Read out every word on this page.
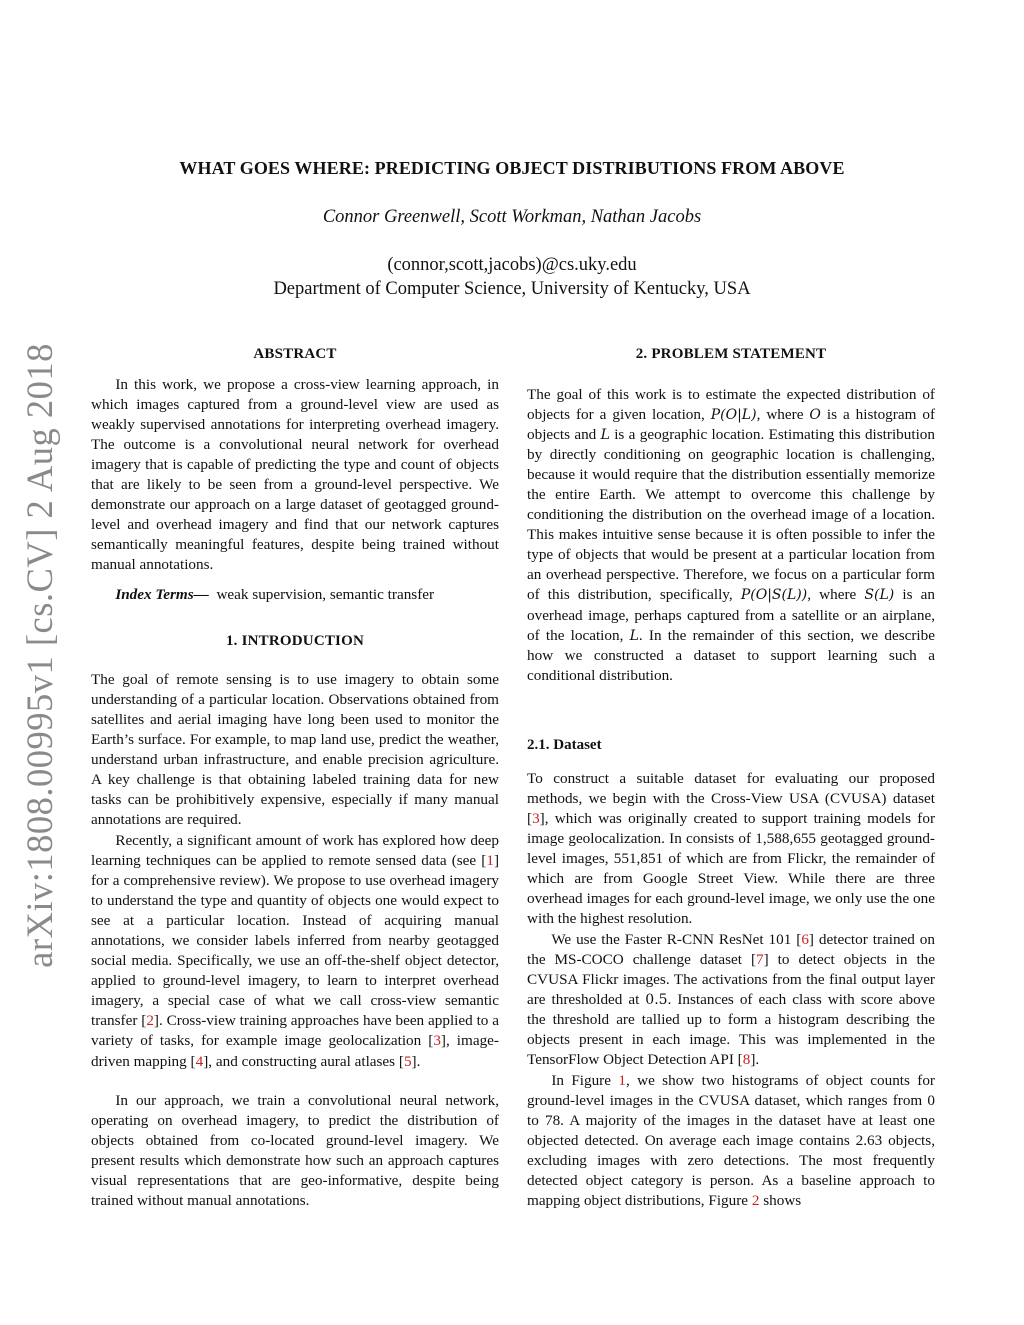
arXiv:1808.00995v1 [cs.CV] 2 Aug 2018
WHAT GOES WHERE: PREDICTING OBJECT DISTRIBUTIONS FROM ABOVE
Connor Greenwell, Scott Workman, Nathan Jacobs
(connor,scott,jacobs)@cs.uky.edu
Department of Computer Science, University of Kentucky, USA
ABSTRACT
In this work, we propose a cross-view learning approach, in which images captured from a ground-level view are used as weakly supervised annotations for interpreting overhead imagery. The outcome is a convolutional neural network for overhead imagery that is capable of predicting the type and count of objects that are likely to be seen from a ground-level perspective. We demonstrate our approach on a large dataset of geotagged ground-level and overhead imagery and find that our network captures semantically meaningful features, despite being trained without manual annotations.
Index Terms— weak supervision, semantic transfer
1. INTRODUCTION
The goal of remote sensing is to use imagery to obtain some understanding of a particular location. Observations obtained from satellites and aerial imaging have long been used to monitor the Earth’s surface. For example, to map land use, predict the weather, understand urban infrastructure, and enable precision agriculture. A key challenge is that obtaining labeled training data for new tasks can be prohibitively expensive, especially if many manual annotations are required.
Recently, a significant amount of work has explored how deep learning techniques can be applied to remote sensed data (see [1] for a comprehensive review). We propose to use overhead imagery to understand the type and quantity of objects one would expect to see at a particular location. Instead of acquiring manual annotations, we consider labels inferred from nearby geotagged social media. Specifically, we use an off-the-shelf object detector, applied to ground-level imagery, to learn to interpret overhead imagery, a special case of what we call cross-view semantic transfer [2]. Cross-view training approaches have been applied to a variety of tasks, for example image geolocalization [3], image-driven mapping [4], and constructing aural atlases [5].
In our approach, we train a convolutional neural network, operating on overhead imagery, to predict the distribution of objects obtained from co-located ground-level imagery. We present results which demonstrate how such an approach captures visual representations that are geo-informative, despite being trained without manual annotations.
2. PROBLEM STATEMENT
The goal of this work is to estimate the expected distribution of objects for a given location, P(O|L), where O is a histogram of objects and L is a geographic location. Estimating this distribution by directly conditioning on geographic location is challenging, because it would require that the distribution essentially memorize the entire Earth. We attempt to overcome this challenge by conditioning the distribution on the overhead image of a location. This makes intuitive sense because it is often possible to infer the type of objects that would be present at a particular location from an overhead perspective. Therefore, we focus on a particular form of this distribution, specifically, P(O|S(L)), where S(L) is an overhead image, perhaps captured from a satellite or an airplane, of the location, L. In the remainder of this section, we describe how we constructed a dataset to support learning such a conditional distribution.
2.1. Dataset
To construct a suitable dataset for evaluating our proposed methods, we begin with the Cross-View USA (CVUSA) dataset [3], which was originally created to support training models for image geolocalization. In consists of 1,588,655 geotagged ground-level images, 551,851 of which are from Flickr, the remainder of which are from Google Street View. While there are three overhead images for each ground-level image, we only use the one with the highest resolution.
We use the Faster R-CNN ResNet 101 [6] detector trained on the MS-COCO challenge dataset [7] to detect objects in the CVUSA Flickr images. The activations from the final output layer are thresholded at 0.5. Instances of each class with score above the threshold are tallied up to form a histogram describing the objects present in each image. This was implemented in the TensorFlow Object Detection API [8].
In Figure 1, we show two histograms of object counts for ground-level images in the CVUSA dataset, which ranges from 0 to 78. A majority of the images in the dataset have at least one objected detected. On average each image contains 2.63 objects, excluding images with zero detections. The most frequently detected object category is person. As a baseline approach to mapping object distributions, Figure 2 shows
